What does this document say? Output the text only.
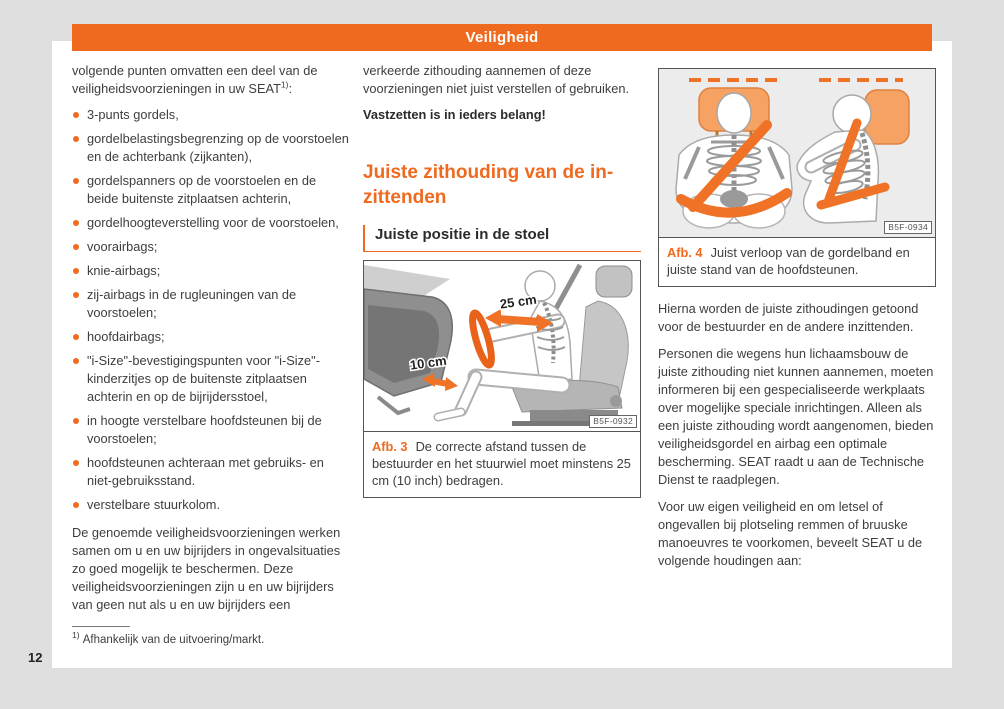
Veiligheid

volgende punten omvatten een deel van de veiligheidsvoorzieningen in uw SEAT$^{1)}$:

3-punts gordels,
gordelbelastingsbegrenzing op de voorstoelen en de achterbank (zijkanten),
gordelspanners op de voorstoelen en de beide buitenste zitplaatsen achterin,
gordelhoogteverstelling voor de voorstoelen,
voorairbags;
knie-airbags;
zij-airbags in de rugleuningen van de voorstoelen;
hoofdairbags;
"i-Size"-bevestigingspunten voor "i-Size"-kinderzitjes op de buitenste zitplaatsen achterin en op de bijrijdersstoel,
in hoogte verstelbare hoofdsteunen bij de voorstoelen;
hoofdsteunen achteraan met gebruiks- en niet-gebruiksstand.
verstelbare stuurkolom.

De genoemde veiligheidsvoorzieningen werken samen om u en uw bijrijders in ongevalsituaties zo goed mogelijk te beschermen. Deze veiligheidsvoorzieningen zijn u en uw bijrijders van geen nut als u en uw bijrijders een

verkeerde zithouding aannemen of deze voorzieningen niet juist verstellen of gebruiken.

Vastzetten is in ieders belang!

Juiste zithouding van de inzittenden
Juiste positie in de stoel
25 cm
10 cm
B5F-0932
Afb. 3 De correcte afstand tussen de bestuurder en het stuurwiel moet minstens 25 cm (10 inch) bedragen.
B5F-0934
Afb. 4 Juist verloop van de gordelband en juiste stand van de hoofdsteunen.

Hierna worden de juiste zithoudingen getoond voor de bestuurder en de andere inzittenden.

Personen die wegens hun lichaamsbouw de juiste zithouding niet kunnen aannemen, moeten informeren bij een gespecialiseerde werkplaats over mogelijke speciale inrichtingen. Alleen als een juiste zithouding wordt aangenomen, bieden veiligheidsgordel en airbag een optimale bescherming. SEAT raadt u aan de Technische Dienst te raadplegen.

Voor uw eigen veiligheid en om letsel of ongevallen bij plotseling remmen of bruuske manoeuvres te voorkomen, beveelt SEAT u de volgende houdingen aan:

$^{1)}$ Afhankelijk van de uitvoering/markt.
12
